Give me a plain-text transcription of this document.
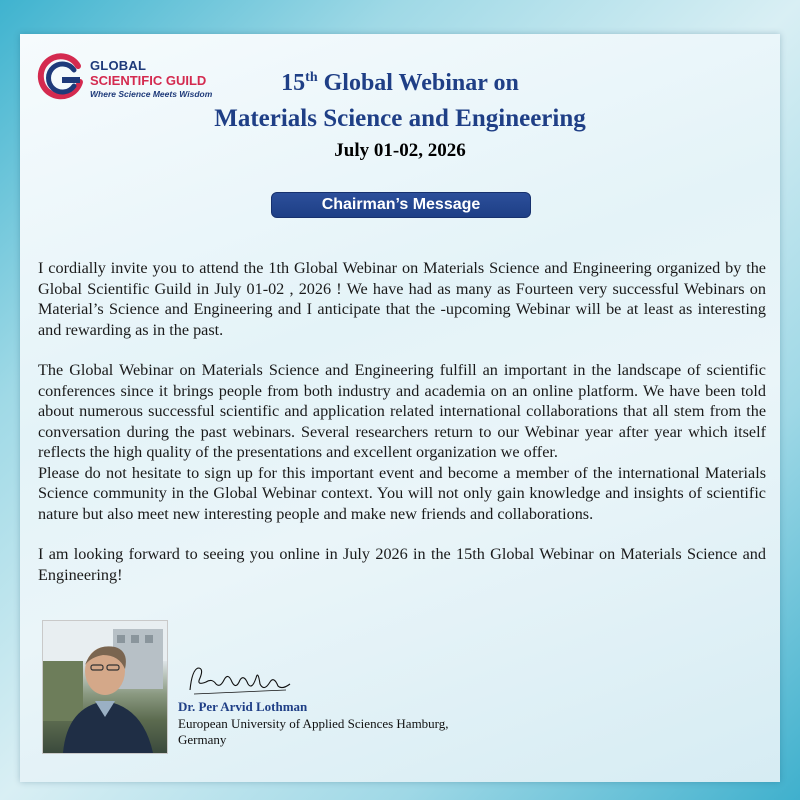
GLOBAL
SCIENTIFIC GUILD
Where Science Meets Wisdom	15th Global Webinar on
Materials Science and Engineering
July 01-02, 2026
Chairman’s Message

I cordially invite you to attend the 1th Global Webinar on Materials Science and Engineering organized by the Global Scientific Guild in July 01-02 , 2026 ! We have had as many as Fourteen very successful Webinars on Material’s Science and Engineering and I anticipate that the -upcoming Webinar will be at least as interesting and rewarding as in the past.

The Global Webinar on Materials Science and Engineering fulfill an important in the landscape of scientific conferences since it brings people from both industry and academia on an online platform. We have been told about numerous successful scientific and application related international collaborations that all stem from the conversation during the past webinars. Several researchers return to our Webinar year after year which itself reflects the high quality of the presentations and excellent organization we offer.

Please do not hesitate to sign up for this important event and become a member of the international Materials Science community in the Global Webinar context. You will not only gain knowledge and insights of scientific nature but also meet new interesting people and make new friends and collaborations.

I am looking forward to seeing you online in July 2026 in the 15th Global Webinar on Materials Science and Engineering!

Dr. Per Arvid Lothman
European University of Applied Sciences Hamburg,
Germany
